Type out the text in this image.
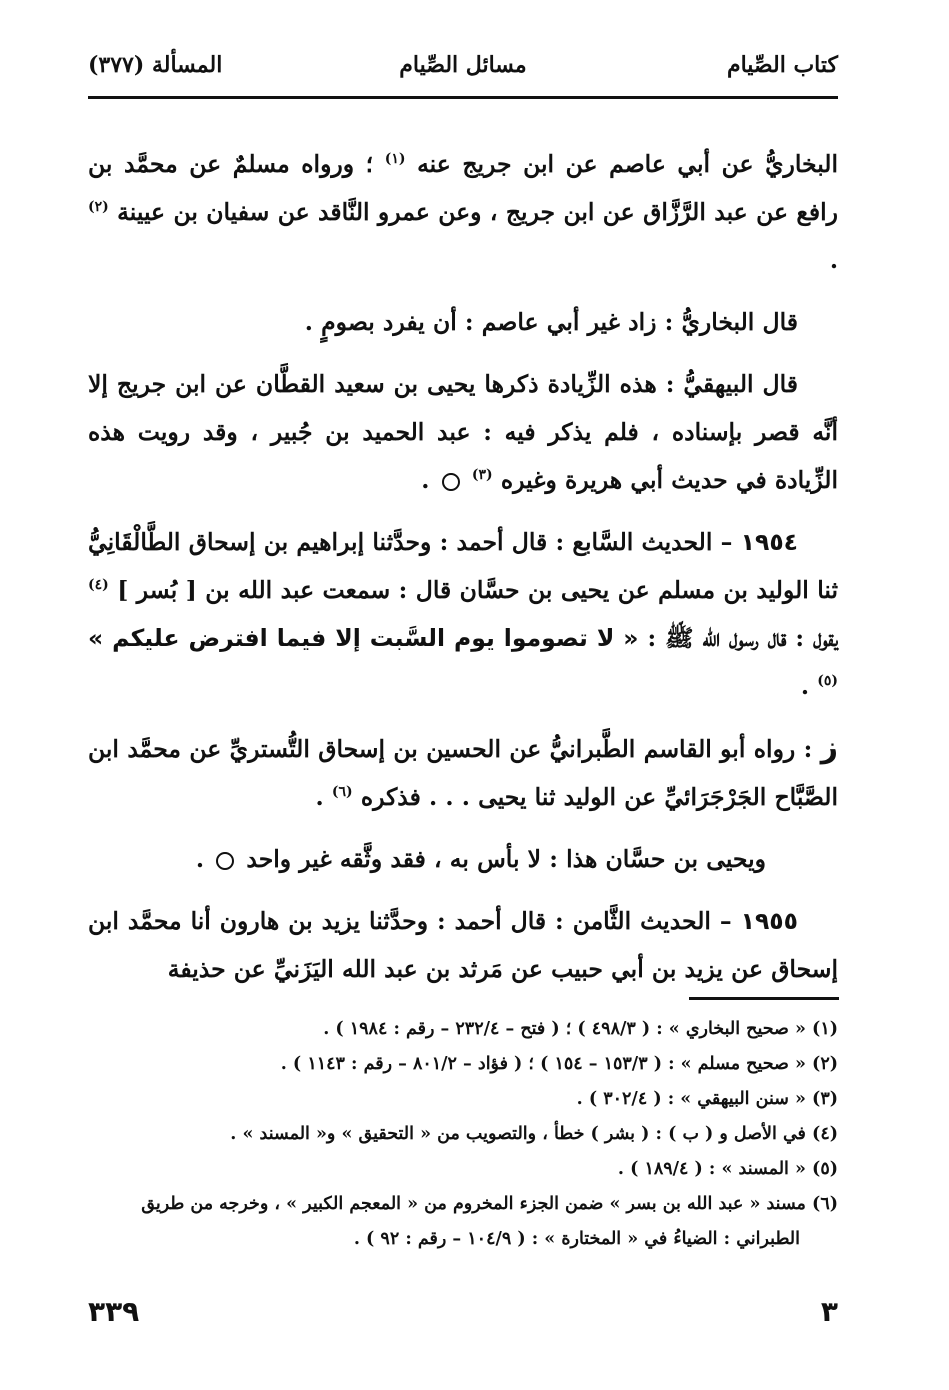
كتاب الصِّيام
مسائل الصِّيام
المسألة (٣٧٧)

البخاريُّ عن أبي عاصم عن ابن جريج عنه $^{(١)}$ ؛ ورواه مسلمٌ عن محمَّد بن رافع عن عبد الرَّزَّاق عن ابن جريج ، وعن عمرو النَّاقد عن سفيان بن عيينة $^{(٢)}$ .

قال البخاريُّ : زاد غير أبي عاصم : أن يفرد بصومٍ .

قال البيهقيُّ : هذه الزِّيادة ذكرها يحيى بن سعيد القطَّان عن ابن جريج إلا أنَّه قصر بإسناده ، فلم يذكر فيه : عبد الحميد بن جُبير ، وقد رويت هذه الزِّيادة في حديث أبي هريرة وغيره $^{(٣)}$  .

١٩٥٤ – الحديث السَّابع : قال أحمد : وحدَّثنا إبراهيم بن إسحاق الطَّالْقَانِيُّ ثنا الوليد بن مسلم عن يحيى بن حسَّان قال : سمعت عبد الله بن [ بُسر ] $^{(٤)}$ يقول : قال رسول الله ﷺ : « لا تصوموا يوم السَّبت إلا فيما افترض عليكم » $^{(٥)}$ .

ز : رواه أبو القاسم الطَّبرانيُّ عن الحسين بن إسحاق التُّستريِّ عن محمَّد ابن الصَّبَّاح الجَرْجَرَائيِّ عن الوليد ثنا يحيى . . . فذكره $^{(٦)}$ .

ويحيى بن حسَّان هذا : لا بأس به ، فقد وثَّقه غير واحد  .

١٩٥٥ – الحديث الثَّامن : قال أحمد : وحدَّثنا يزيد بن هارون أنا محمَّد ابن إسحاق عن يزيد بن أبي حبيب عن مَرثد بن عبد الله اليَزَنيِّ عن حذيفة

(١) « صحيح البخاري » : ( ٤٩٨/٣ ) ؛ ( فتح – ٢٣٢/٤ – رقم : ١٩٨٤ ) .

(٢) « صحيح مسلم » : ( ١٥٣/٣ – ١٥٤ ) ؛ ( فؤاد – ٨٠١/٢ – رقم : ١١٤٣ ) .

(٣) « سنن البيهقي » : ( ٣٠٢/٤ ) .

(٤) في الأصل و ( ب ) : ( بشر ) خطأ ، والتصويب من « التحقيق » و« المسند » .

(٥) « المسند » : ( ١٨٩/٤ ) .

(٦) مسند « عبد الله بن بسر » ضمن الجزء المخروم من « المعجم الكبير » ، وخرجه من طريق

الطبراني : الضياءُ في « المختارة » : ( ١٠٤/٩ – رقم : ٩٢ ) .

٣
٣٣٩
